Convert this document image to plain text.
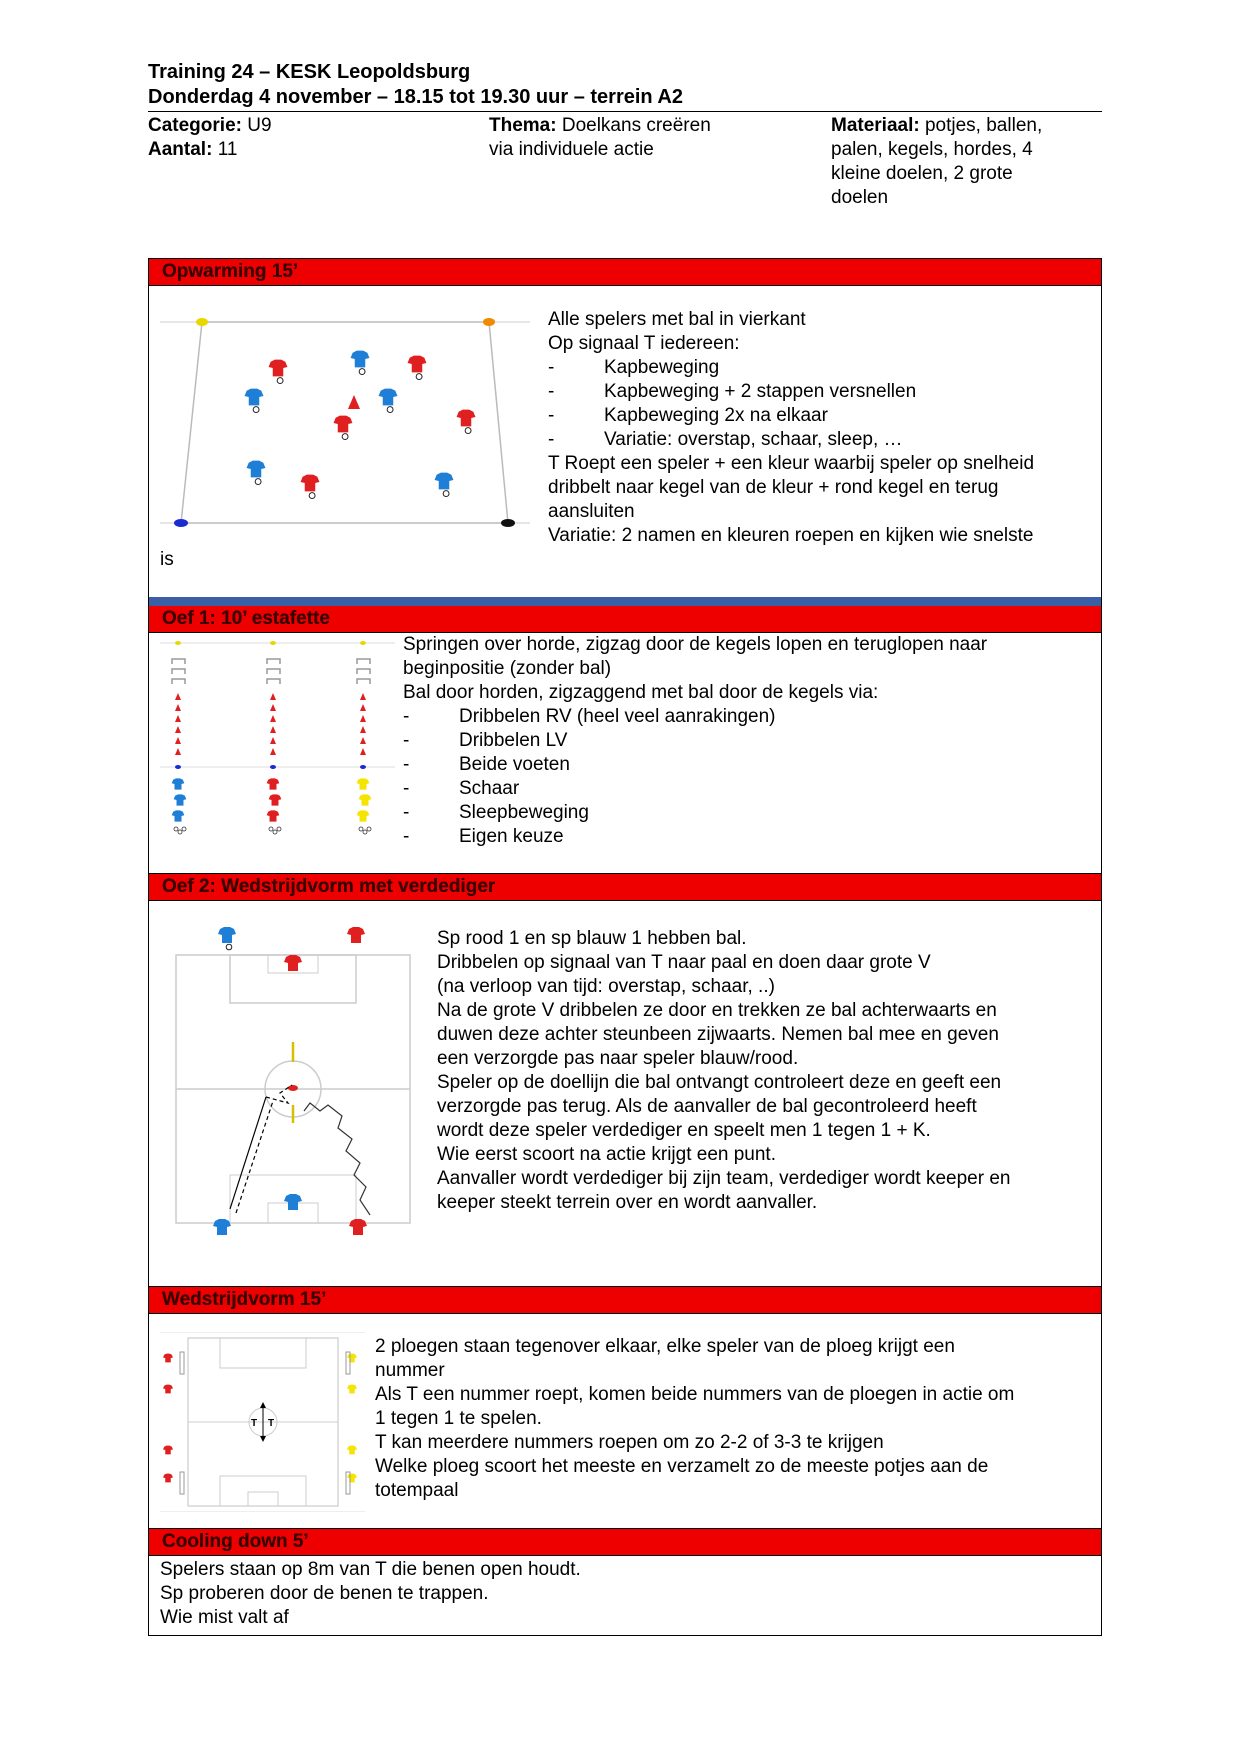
Training 24 – KESK Leopoldsburg
Donderdag 4 november – 18.15 tot 19.30 uur – terrein A2
Categorie: U9
Aantal: 11
Thema: Doelkans creëren
via individuele actie
Materiaal: potjes, ballen,
palen, kegels, hordes, 4
kleine doelen, 2 grote
doelen
Opwarming 15’
Alle spelers met bal in vierkant
Op signaal T iedereen:
-	Kapbeweging
-	Kapbeweging + 2 stappen versnellen
-	Kapbeweging 2x na elkaar
-	Variatie: overstap, schaar, sleep, …
T Roept een speler + een kleur waarbij speler op snelheid
dribbelt naar kegel van de kleur + rond kegel en terug
aansluiten
Variatie: 2 namen en kleuren roepen en kijken wie snelste
is
Oef 1: 10’ estafette
Springen over horde, zigzag door de kegels lopen en teruglopen naar
beginpositie (zonder bal)
Bal door horden, zigzaggend met bal door de kegels via:
-	Dribbelen RV (heel veel aanrakingen)
-	Dribbelen LV
-	Beide voeten
-	Schaar
-	Sleepbeweging
-	Eigen keuze
Oef 2: Wedstrijdvorm met verdediger
Sp rood 1 en sp blauw 1 hebben bal.
Dribbelen op signaal van T naar paal en doen daar grote V
(na verloop van tijd: overstap, schaar, ..)
Na de grote V dribbelen ze door en trekken ze bal achterwaarts en
duwen deze achter steunbeen zijwaarts. Nemen bal mee en geven
een verzorgde pas naar speler blauw/rood.
Speler op de doellijn die bal ontvangt controleert deze en geeft een
verzorgde pas terug. Als de aanvaller de bal gecontroleerd heeft
wordt deze speler verdediger en speelt men 1 tegen 1 + K.
Wie eerst scoort na actie krijgt een punt.
Aanvaller wordt verdediger bij zijn team, verdediger wordt keeper en
keeper steekt terrein over en wordt aanvaller.
Wedstrijdvorm 15’
T T
2 ploegen staan tegenover elkaar, elke speler van de ploeg krijgt een
nummer
Als T een nummer roept, komen beide nummers van de ploegen in actie om
1 tegen 1 te spelen.
T kan meerdere nummers roepen om zo 2-2 of 3-3 te krijgen
Welke ploeg scoort het meeste en verzamelt zo de meeste potjes aan de
totempaal
Cooling down 5’
Spelers staan op 8m van T die benen open houdt.
Sp proberen door de benen te trappen.
Wie mist valt af
